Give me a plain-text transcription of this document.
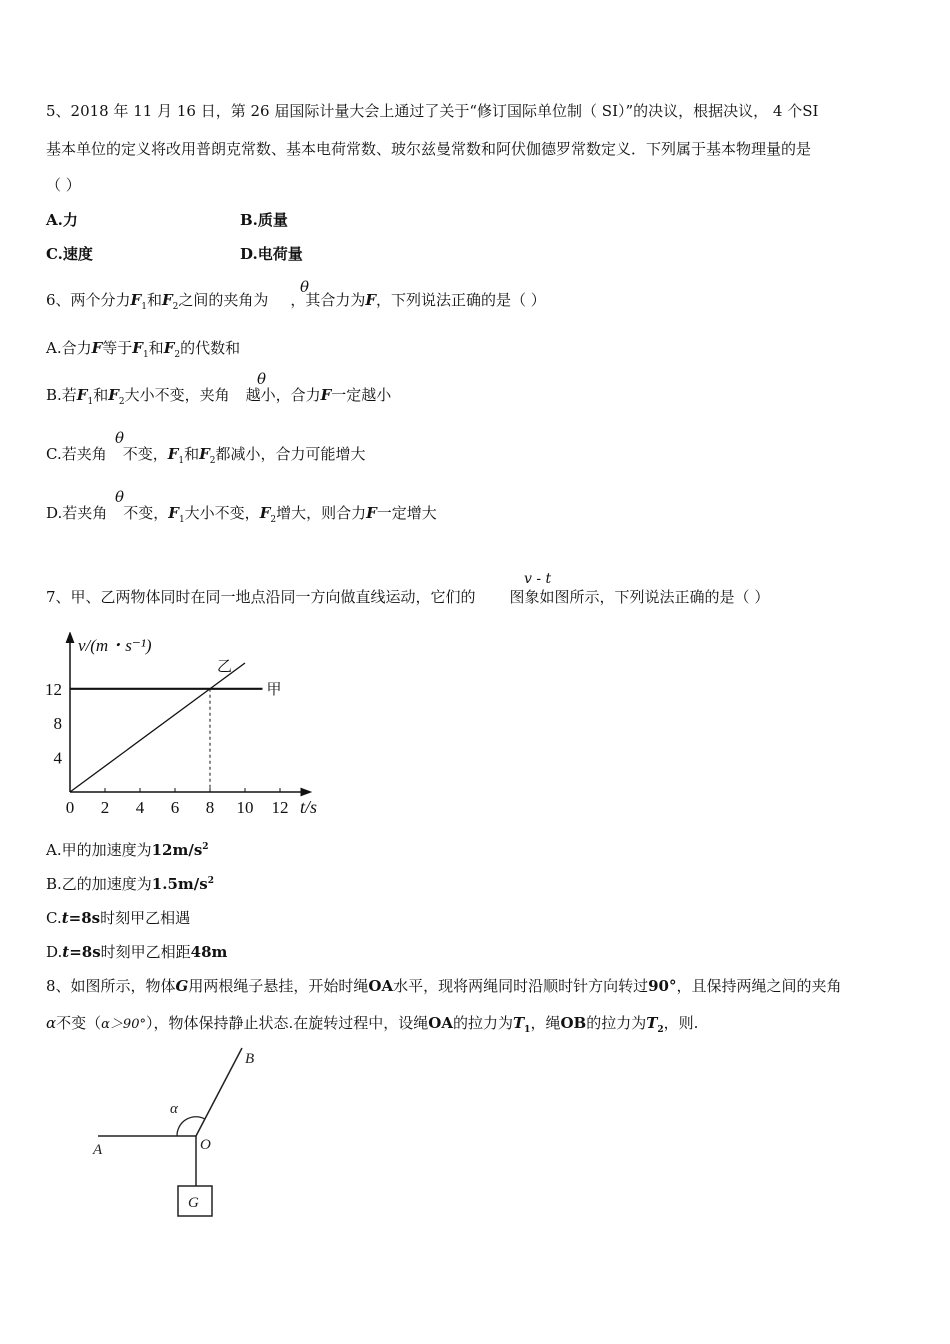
5、2018 年 11 月 16 日，第 26 届国际计量大会上通过了关于“修订国际单位制（ SI）”的决议，根据决议， 4 个SI
基本单位的定义将改用普朗克常数、基本电荷常数、玻尔兹曼常数和阿伏伽德罗常数定义．下列属于基本物理量的是
（ ）
A.力	B.质量
C.速度	D.电荷量
6、两个分力$F_1$和$F_2$之间的夹角为 ，其合力为F，下列说法正确的是（ ）
θ
A.合力F等于$F_1$和$F_2$的代数和
B.若$F_1$和$F_2$大小不变，夹角 越小，合力F一定越小
θ
C.若夹角 不变，$F_1$和$F_2$都减小，合力可能增大
θ
D.若夹角 不变，$F_1$大小不变，$F_2$增大，则合力F一定增大
θ
7、甲、乙两物体同时在同一地点沿同一方向做直线运动，它们的 图象如图所示，下列说法正确的是（ ）
v - t
0 2 4 6 8 10 12
4
8
12	甲
乙
v/(m・s⁻¹)
t/s
A.甲的加速度为$12m/s^2$
B.乙的加速度为$1.5m/s^2$
C.t=8s时刻甲乙相遇
D.t=8s时刻甲乙相距48m
8、如图所示，物体G用两根绳子悬挂，开始时绳OA水平，现将两绳同时沿顺时针方向转过90°，且保持两绳之间的夹角
α不变（α＞90°），物体保持静止状态.在旋转过程中，设绳OA的拉力为$T_1$，绳OB的拉力为$T_2$，则.
A
B
O
G
α
